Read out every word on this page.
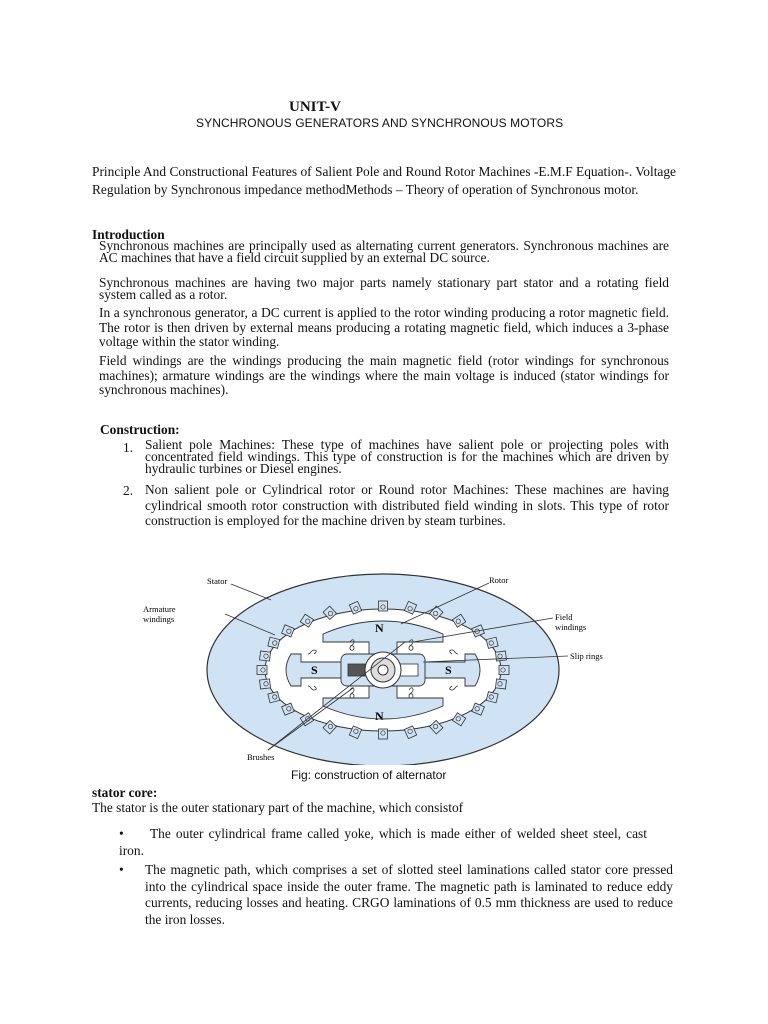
UNIT-V
SYNCHRONOUS GENERATORS AND SYNCHRONOUS MOTORS
Principle And Constructional Features of Salient Pole and Round Rotor Machines -E.M.F Equation-. Voltage Regulation by Synchronous impedance methodMethods – Theory of operation of Synchronous motor.
Introduction
Synchronous machines are principally used as alternating current generators. Synchronous machines are AC machines that have a field circuit supplied by an external DC source.
Synchronous machines are having two major parts namely stationary part stator and a rotating field system called as a rotor.
In a synchronous generator, a DC current is applied to the rotor winding producing a rotor magnetic field. The rotor is then driven by external means producing a rotating magnetic field, which induces a 3-phase voltage within the stator winding.
Field windings are the windings producing the main magnetic field (rotor windings for synchronous machines); armature windings are the windings where the main voltage is induced (stator windings for synchronous machines).
Construction:
1. Salient pole Machines: These type of machines have salient pole or projecting poles with concentrated field windings. This type of construction is for the machines which are driven by hydraulic turbines or Diesel engines.
2. Non salient pole or Cylindrical rotor or Round rotor Machines: These machines are having cylindrical smooth rotor construction with distributed field winding in slots. This type of rotor construction is employed for the machine driven by steam turbines.
N
N
S	S
Stator	Rotor
Armature
windings	Field
windings
Slip rings
Brushes
Fig: construction of alternator
stator core:
The stator is the outer stationary part of the machine, which consistof
•	The outer cylindrical frame called yoke, which is made either of welded sheet steel, cast iron.
• The magnetic path, which comprises a set of slotted steel laminations called stator core pressed into the cylindrical space inside the outer frame. The magnetic path is laminated to reduce eddy currents, reducing losses and heating. CRGO laminations of 0.5 mm thickness are used to reduce the iron losses.
